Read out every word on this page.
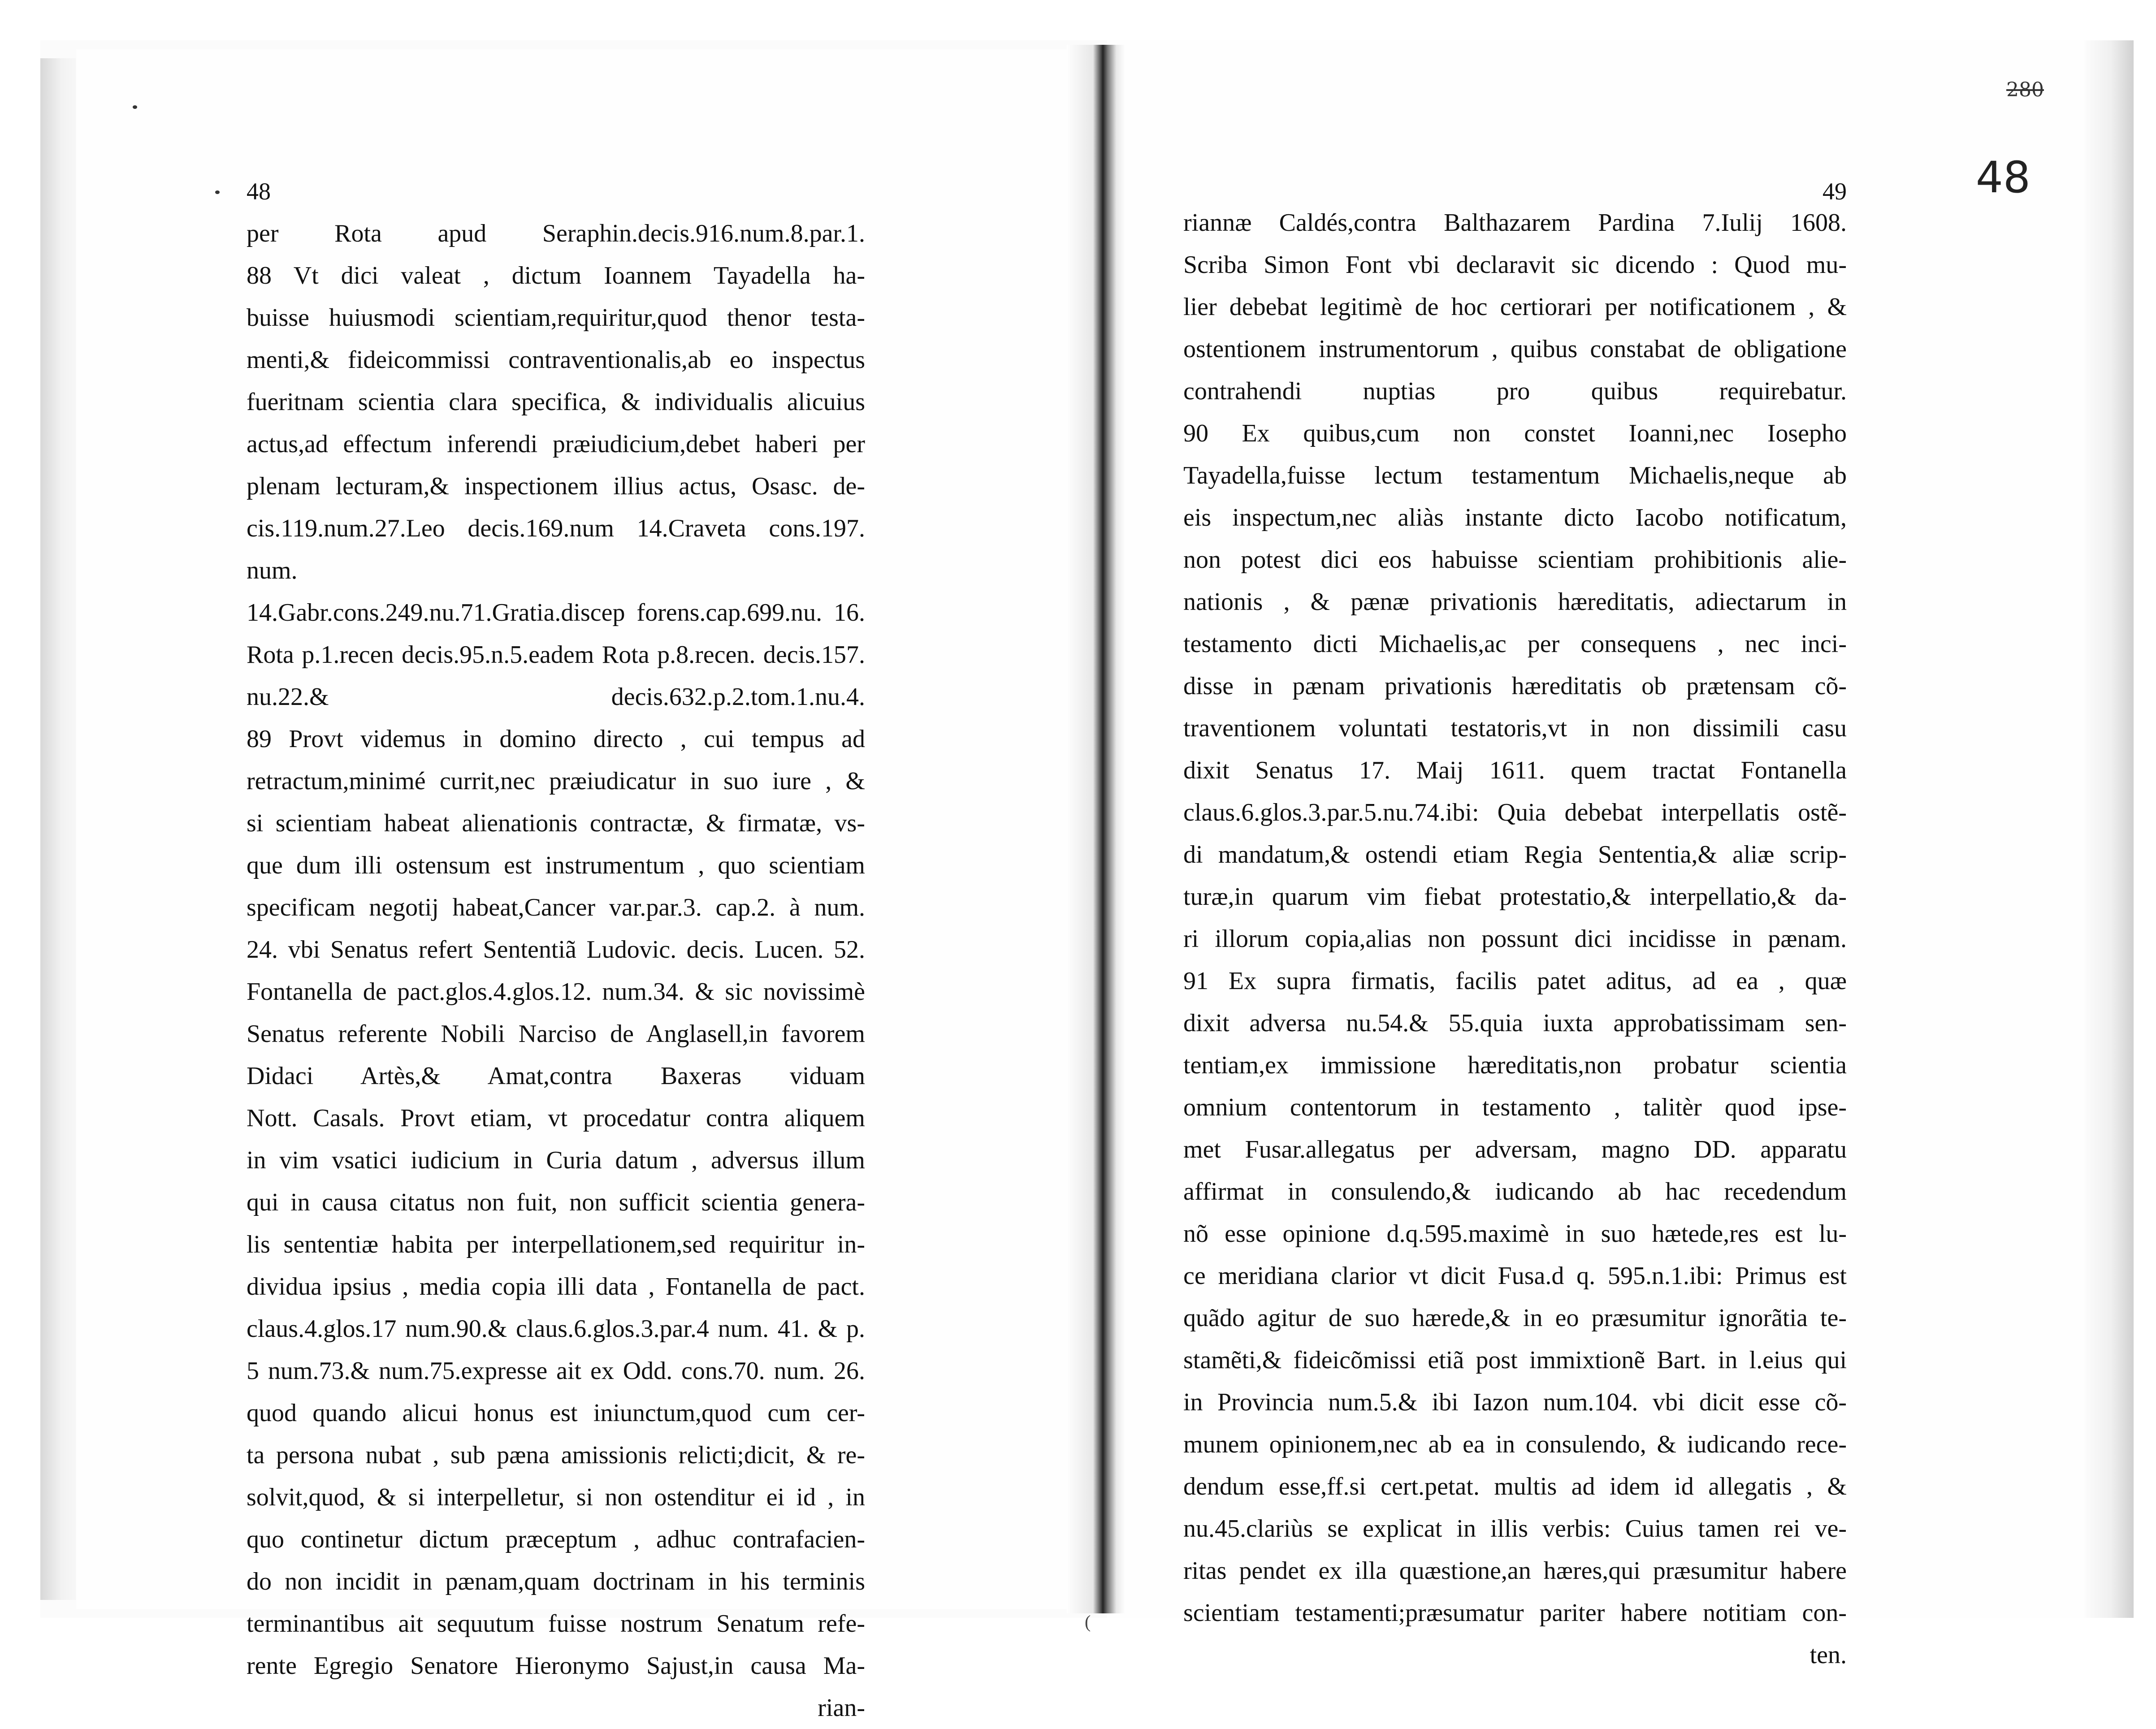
280
48
48
per Rota apud Seraphin.decis.916.num.8.par.1.
88 Vt dici valeat , dictum Ioannem Tayadella ha-
buisse huiusmodi scientiam,requiritur,quod thenor testa-
menti,& fideicommissi contraventionalis,ab eo inspectus
fueritnam scientia clara specifica, & individualis alicuius
actus,ad effectum inferendi præiudicium,debet haberi per
plenam lecturam,& inspectionem illius actus, Osasc. de-
cis.119.num.27.Leo decis.169.num 14.Craveta cons.197. num.
14.Gabr.cons.249.nu.71.Gratia.discep forens.cap.699.nu. 16.
Rota p.1.recen decis.95.n.5.eadem Rota p.8.recen. decis.157.
nu.22.& decis.632.p.2.tom.1.nu.4.
89 Provt videmus in domino directo , cui tempus ad
retractum,minimé currit,nec præiudicatur in suo iure , &
si scientiam habeat alienationis contractæ, & firmatæ, vs-
que dum illi ostensum est instrumentum , quo scientiam
specificam negotij habeat,Cancer var.par.3. cap.2. à num.
24. vbi Senatus refert Sententiã Ludovic. decis. Lucen. 52.
Fontanella de pact.glos.4.glos.12. num.34. & sic novissimè
Senatus referente Nobili Narciso de Anglasell,in favorem
Didaci Artès,& Amat,contra Baxeras viduam
Nott. Casals. Provt etiam, vt procedatur contra aliquem
in vim vsatici iudicium in Curia datum , adversus illum
qui in causa citatus non fuit, non sufficit scientia genera-
lis sententiæ habita per interpellationem,sed requiritur in-
dividua ipsius , media copia illi data , Fontanella de pact.
claus.4.glos.17 num.90.& claus.6.glos.3.par.4 num. 41. & p.
5 num.73.& num.75.expresse ait ex Odd. cons.70. num. 26.
quod quando alicui honus est iniunctum,quod cum cer-
ta persona nubat , sub pæna amissionis relicti;dicit, & re-
solvit,quod, & si interpelletur, si non ostenditur ei id , in
quo continetur dictum præceptum , adhuc contrafacien-
do non incidit in pænam,quam doctrinam in his terminis
terminantibus ait sequutum fuisse nostrum Senatum refe-
rente Egregio Senatore Hieronymo Sajust,in causa Ma-
rian-
49
riannæ Caldés,contra Balthazarem Pardina 7.Iulij 1608.
Scriba Simon Font vbi declaravit sic dicendo : Quod mu-
lier debebat legitimè de hoc certiorari per notificationem , &
ostentionem instrumentorum , quibus constabat de obligatione
contrahendi nuptias pro quibus requirebatur.
90 Ex quibus,cum non constet Ioanni,nec Iosepho
Tayadella,fuisse lectum testamentum Michaelis,neque ab
eis inspectum,nec aliàs instante dicto Iacobo notificatum,
non potest dici eos habuisse scientiam prohibitionis alie-
nationis , & pænæ privationis hæreditatis, adiectarum in
testamento dicti Michaelis,ac per consequens , nec inci-
disse in pænam privationis hæreditatis ob prætensam cõ-
traventionem voluntati testatoris,vt in non dissimili casu
dixit Senatus 17. Maij 1611. quem tractat Fontanella
claus.6.glos.3.par.5.nu.74.ibi: Quia debebat interpellatis ostẽ-
di mandatum,& ostendi etiam Regia Sententia,& aliæ scrip-
turæ,in quarum vim fiebat protestatio,& interpellatio,& da-
ri illorum copia,alias non possunt dici incidisse in pænam.
91 Ex supra firmatis, facilis patet aditus, ad ea , quæ
dixit adversa nu.54.& 55.quia iuxta approbatissimam sen-
tentiam,ex immissione hæreditatis,non probatur scientia
omnium contentorum in testamento , talitèr quod ipse-
met Fusar.allegatus per adversam, magno DD. apparatu
affirmat in consulendo,& iudicando ab hac recedendum
nõ esse opinione d.q.595.maximè in suo hætede,res est lu-
ce meridiana clarior vt dicit Fusa.d q. 595.n.1.ibi: Primus est
quãdo agitur de suo hærede,& in eo præsumitur ignorãtia te-
stamẽti,& fideicõmissi etiã post immixtionẽ Bart. in l.eius qui
in Provincia num.5.& ibi Iazon num.104. vbi dicit esse cõ-
munem opinionem,nec ab ea in consulendo, & iudicando rece-
dendum esse,ff.si cert.petat. multis ad idem id allegatis , &
nu.45.clariùs se explicat in illis verbis: Cuius tamen rei ve-
ritas pendet ex illa quæstione,an hæres,qui præsumitur habere
scientiam testamenti;præsumatur pariter habere notitiam con-
ten.
(
